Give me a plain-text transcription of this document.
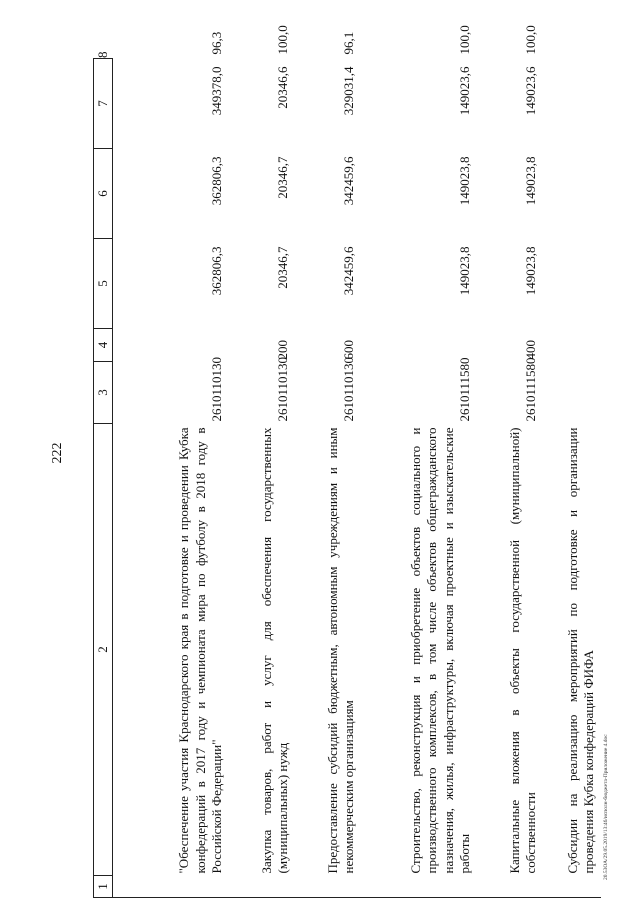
222
20.53ОА/29.05.2019/13:46/исполн-бюджета-Приложение 4.doc
1	2	3	4	5	6	7	8
	"Обеспечение участия Краснодарского края в подготовке и проведении Кубка конфедераций в 2017 году и чемпионата мира по футболу в 2018 году в Российской Федерации"	2610110130		362806,3	362806,3	349378,0	96,3
	Закупка товаров, работ и услуг для обеспечения государственных (муниципальных) нужд	2610110130	200	20346,7	20346,7	20346,6	100,0
	Предоставление субсидий бюджетным, автономным учреждениям и иным некоммерческим организациям	2610110130	600	342459,6	342459,6	329031,4	96,1
	Строительство, реконструкция и приобретение объектов социального и производственного комплексов, в том числе объектов общегражданского назначения, жилья, инфраструктуры, включая проектные и изыскательские работы	2610111580		149023,8	149023,8	149023,6	100,0
	Капитальные вложения в объекты государственной (муниципальной) собственности	2610111580	400	149023,8	149023,8	149023,6	100,0
	Субсидии на реализацию мероприятий по подготовке и организации проведения Кубка конфедераций ФИФА						
